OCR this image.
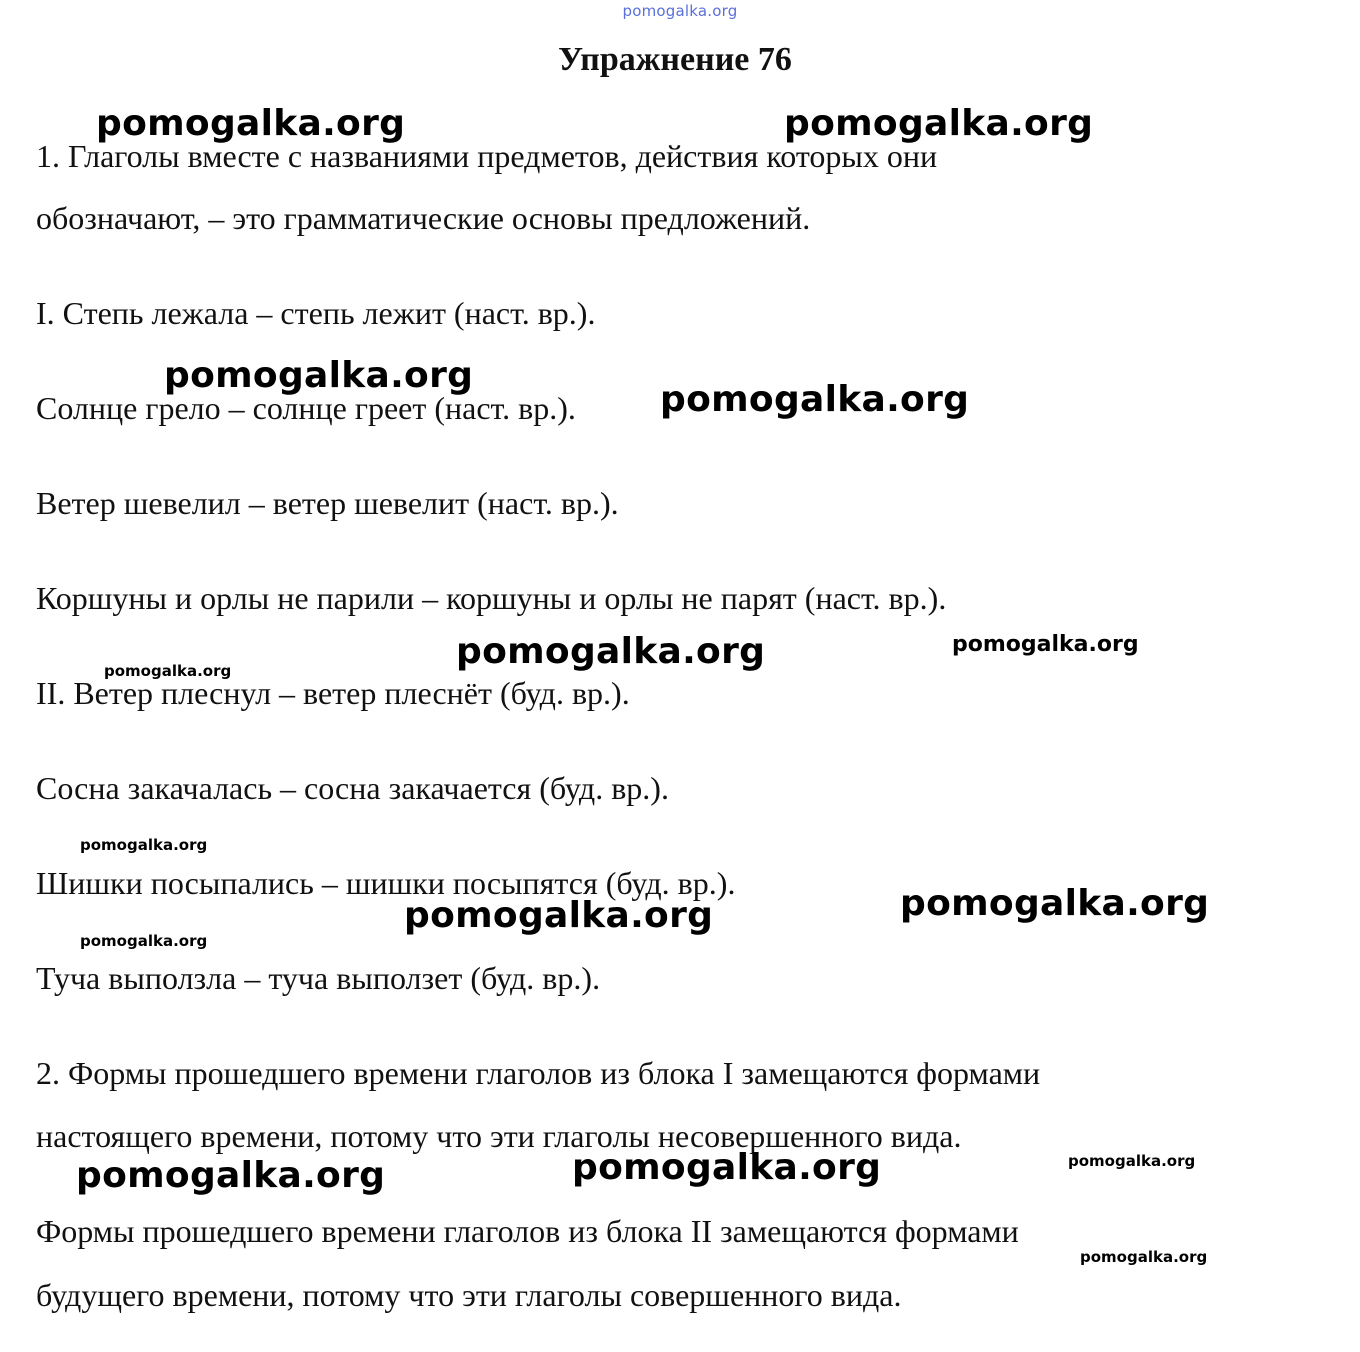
pomogalka.org
Упражнение 76
1. Глаголы вместе с названиями предметов, действия которых они
обозначают, – это грамматические основы предложений.
I. Степь лежала – степь лежит (наст. вр.).
Солнце грело – солнце греет (наст. вр.).
Ветер шевелил – ветер шевелит (наст. вр.).
Коршуны и орлы не парили – коршуны и орлы не парят (наст. вр.).
II. Ветер плеснул – ветер плеснёт (буд. вр.).
Сосна закачалась – сосна закачается (буд. вр.).
Шишки посыпались – шишки посыпятся (буд. вр.).
Туча выползла – туча выползет (буд. вр.).
2. Формы прошедшего времени глаголов из блока I замещаются формами
настоящего времени, потому что эти глаголы несовершенного вида.
Формы прошедшего времени глаголов из блока II замещаются формами
будущего времени, потому что эти глаголы совершенного вида.
pomogalka.org	pomogalka.org
pomogalka.org
pomogalka.org
pomogalka.org	pomogalka.org
pomogalka.org
pomogalka.org
pomogalka.org	pomogalka.org
pomogalka.org
pomogalka.org	pomogalka.org	pomogalka.org
pomogalka.org
